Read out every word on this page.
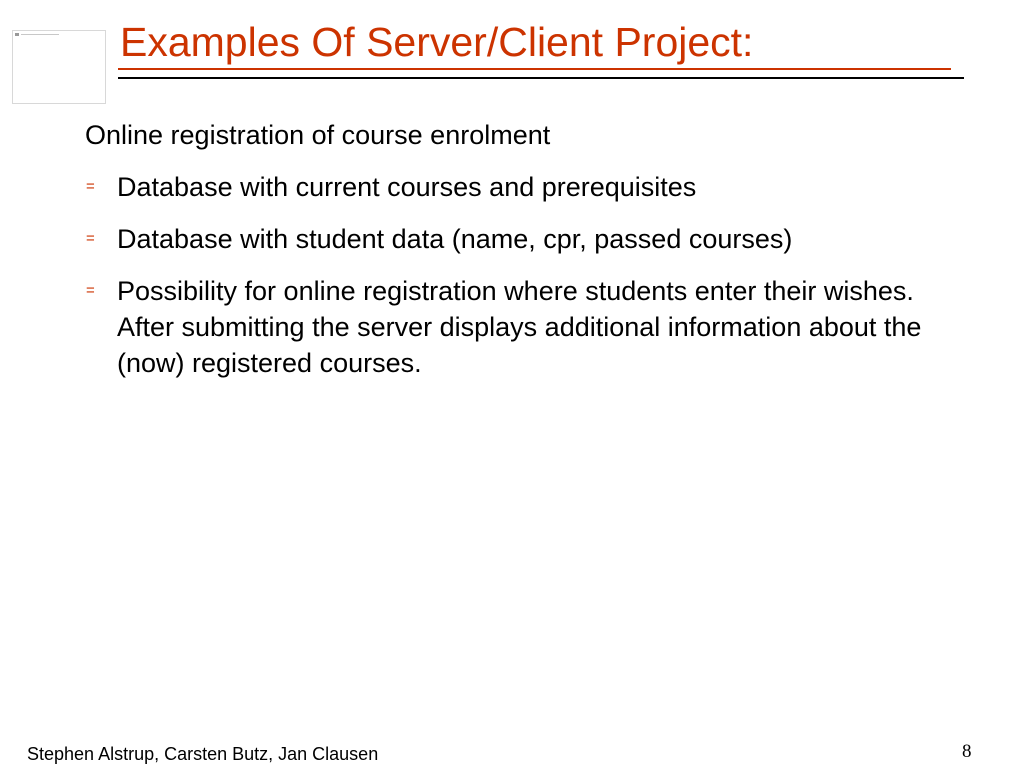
Examples Of Server/Client Project:
Online registration of course enrolment
= Database with current courses and prerequisites
= Database with student data (name, cpr, passed courses)
= Possibility for online registration where students enter their wishes. After submitting the server displays additional information about the (now) registered courses.
Stephen Alstrup, Carsten Butz, Jan Clausen	8
